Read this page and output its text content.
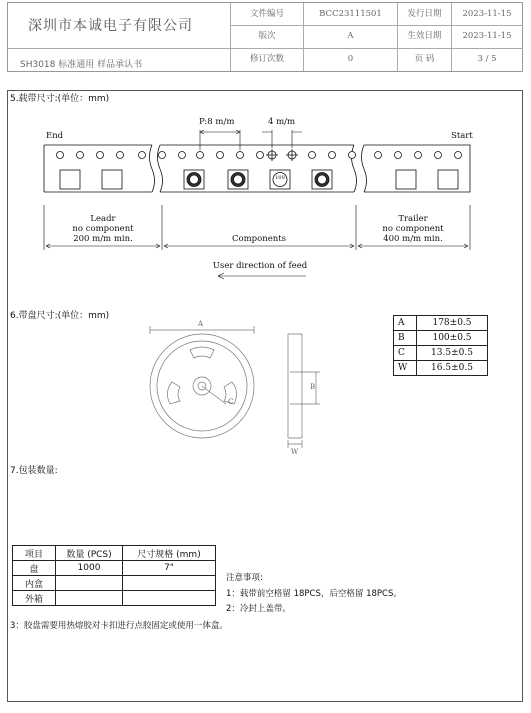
深圳市本诚电子有限公司
SH3018 标准通用 样品承认书
文件编号	BCC23111501	发行日期	2023-11-15
版次	A	生效日期	2023-11-15
修订次数	0	页 码	3 / 5
5.载带尺寸:(单位：mm)
End	Start
P:8 m/m	4 m/m
Leadr
no component
200 m/m min.	Components
Trailer
no component
400 m/m min.
User direction of feed
100
6.带盘尺寸:(单位：mm)
A
B
C
W
A	178±0.5
B	100±0.5
C	13.5±0.5
W	16.5±0.5
7.包装数量:
项目	数量 (PCS)	尺寸规格 (mm)
盘	1000	7"
内盒		
外箱		
注意事项:
1：载带前空格留 18PCS，后空格留 18PCS。
2：冷封上盖带。
3：胶盘需要用热熔胶对卡扣进行点胶固定或使用一体盒。
